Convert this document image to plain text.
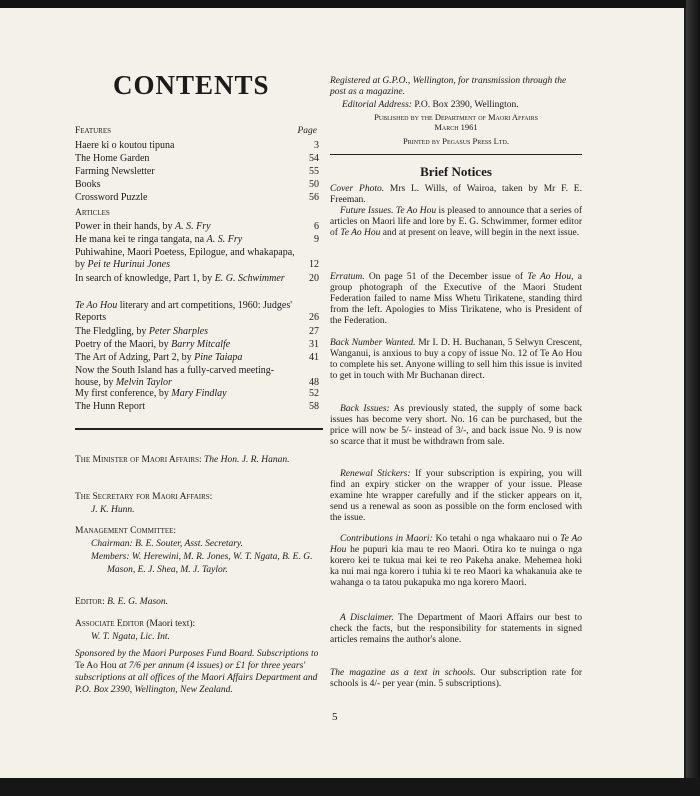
CONTENTS
Features	Page
Haere ki o koutou tipuna	3
The Home Garden	54
Farming Newsletter	55
Books	50
Crossword Puzzle	56
Articles
Power in their hands, by A. S. Fry	6
He mana kei te ringa tangata, na A. S. Fry	9
Puhiwahine, Maori Poetess, Epilogue, and whakapapa, by Pei te Hurinui Jones	12
In search of knowledge, Part 1, by E. G. Schwimmer	20
Te Ao Hou literary and art competitions, 1960: Judges' Reports	26
The Fledgling, by Peter Sharples	27
Poetry of the Maori, by Barry Mitcalfe	31
The Art of Adzing, Part 2, by Pine Taiapa	41
Now the South Island has a fully-carved meeting-house, by Melvin Taylor	48
My first conference, by Mary Findlay	52
The Hunn Report	58
The Minister of Maori Affairs: The Hon. J. R. Hanan.
The Secretary for Maori Affairs:

J. K. Hunn.
Management Committee:

Chairman: B. E. Souter, Asst. Secretary.
Members: W. Herewini, M. R. Jones, W. T. Ngata, B. E. G. Mason, E. J. Shea, M. J. Taylor.
Editor: B. E. G. Mason.
Associate Editor (Maori text):

W. T. Ngata, Lic. Int.
Sponsored by the Maori Purposes Fund Board. Subscriptions to Te Ao Hou at 7/6 per annum (4 issues) or £1 for three years' subscriptions at all offices of the Maori Affairs Department and P.O. Box 2390, Wellington, New Zealand.
Registered at G.P.O., Wellington, for transmission through the post as a magazine.
Editorial Address: P.O. Box 2390, Wellington.
Published by the Department of Maori Affairs
March 1961
Printed by Pegasus Press Ltd.
Brief Notices
Cover Photo. Mrs L. Wills, of Wairoa, taken by Mr F. E. Freeman.
Future Issues. Te Ao Hou is pleased to announce that a series of articles on Maori life and lore by E. G. Schwimmer, former editor of Te Ao Hou and at present on leave, will begin in the next issue.
Erratum. On page 51 of the December issue of Te Ao Hou, a group photograph of the Executive of the Maori Student Federation failed to name Miss Whetu Tirikatene, standing third from the left. Apologies to Miss Tirikatene, who is President of the Federation.
Back Number Wanted. Mr I. D. H. Buchanan, 5 Selwyn Crescent, Wanganui, is anxious to buy a copy of issue No. 12 of Te Ao Hou to complete his set. Anyone willing to sell him this issue is invited to get in touch with Mr Buchanan direct.
Back Issues: As previously stated, the supply of some back issues has become very short. No. 16 can be purchased, but the price will now be 5/- instead of 3/-, and back issue No. 9 is now so scarce that it must be withdrawn from sale.
Renewal Stickers: If your subscription is expiring, you will find an expiry sticker on the wrapper of your issue. Please examine hte wrapper carefully and if the sticker appears on it, send us a renewal as soon as possible on the form enclosed with the issue.
Contributions in Maori: Ko tetahi o nga whakaaro nui o Te Ao Hou he pupuri kia mau te reo Maori. Otira ko te nuinga o nga korero kei te tukua mai kei te reo Pakeha anake. Mehemea hoki ka nui mai nga korero i tuhia ki te reo Maori ka whakanuia ake te wahanga o ta tatou pukapuka mo nga korero Maori.
A Disclaimer. The Department of Maori Affairs our best to check the facts, but the responsibility for statements in signed articles remains the author's alone.
The magazine as a text in schools. Our subscription rate for schools is 4/- per year (min. 5 subscriptions).
5
